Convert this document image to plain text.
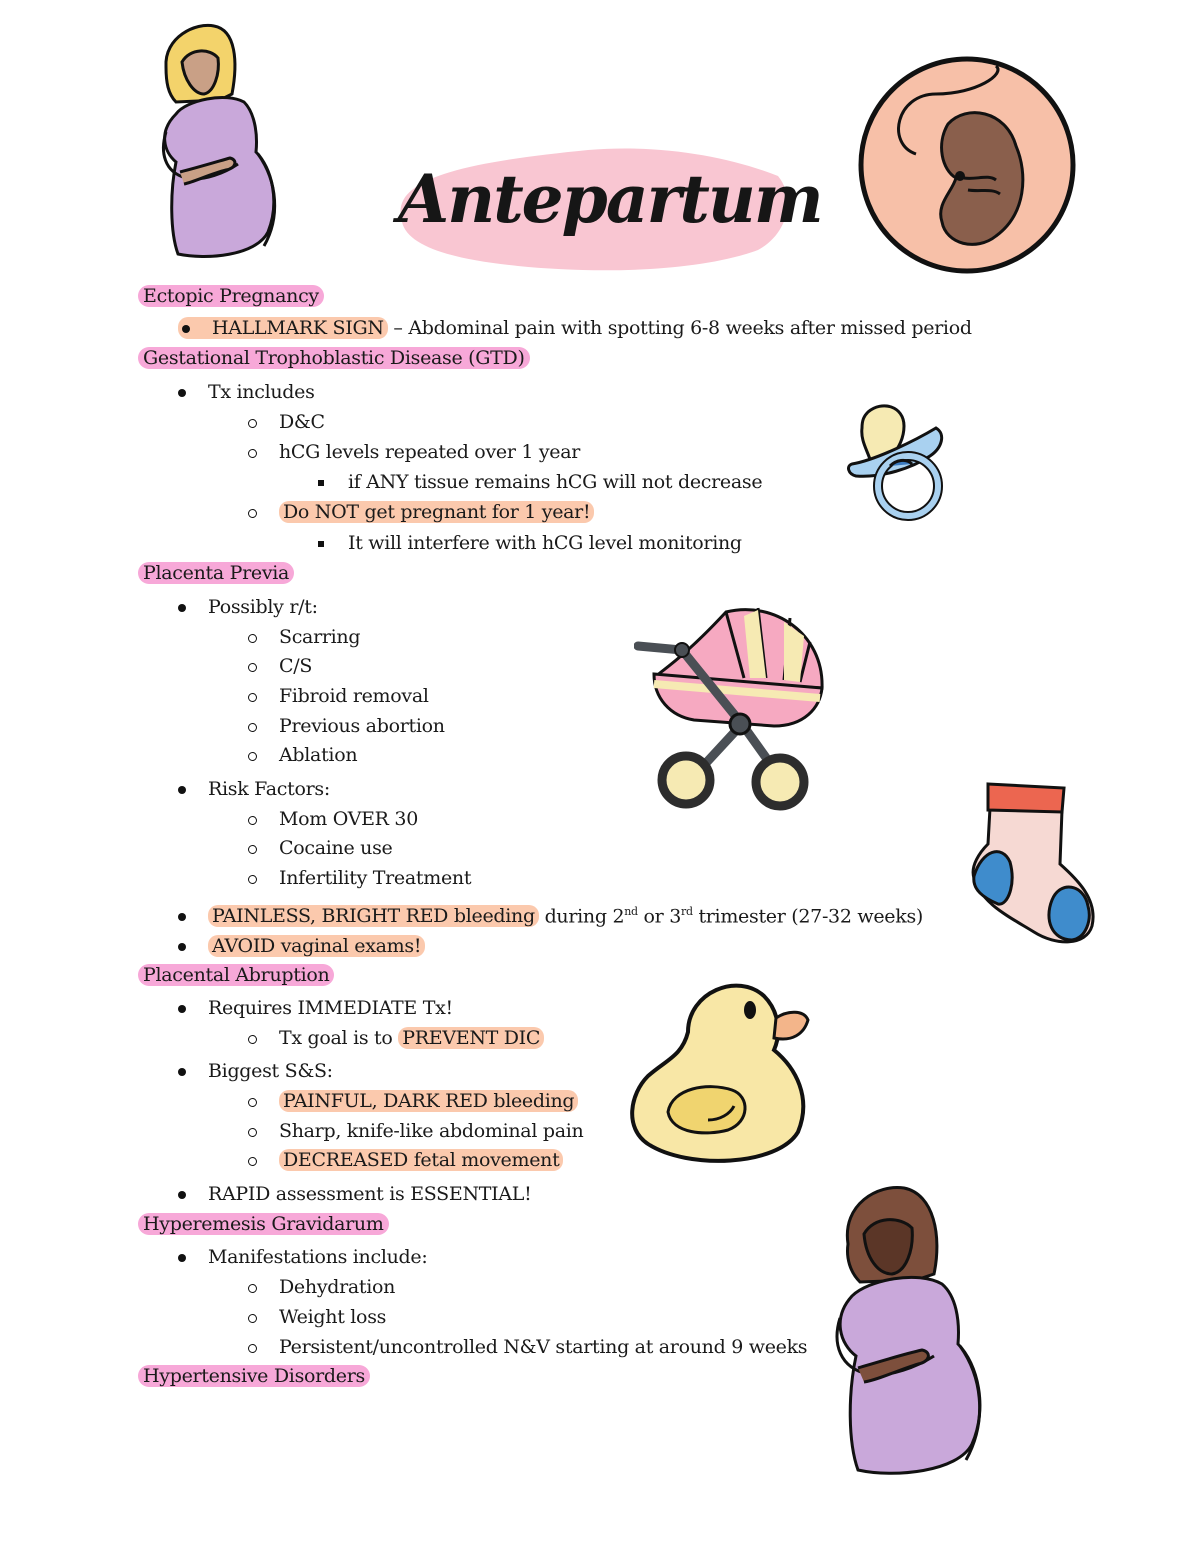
Antepartum
Ectopic Pregnancy
HALLMARK SIGN – Abdominal pain with spotting 6-8 weeks after missed period
Gestational Trophoblastic Disease (GTD)
Tx includes
D&C
hCG levels repeated over 1 year
if ANY tissue remains hCG will not decrease
Do NOT get pregnant for 1 year!
It will interfere with hCG level monitoring
Placenta Previa
Possibly r/t:
Scarring
C/S
Fibroid removal
Previous abortion
Ablation
Risk Factors:
Mom OVER 30
Cocaine use
Infertility Treatment
PAINLESS, BRIGHT RED bleeding during 2nd or 3rd trimester (27-32 weeks)
AVOID vaginal exams!
Placental Abruption
Requires IMMEDIATE Tx!
Tx goal is to PREVENT DIC
Biggest S&S:
PAINFUL, DARK RED bleeding
Sharp, knife-like abdominal pain
DECREASED fetal movement
RAPID assessment is ESSENTIAL!
Hyperemesis Gravidarum
Manifestations include:
Dehydration
Weight loss
Persistent/uncontrolled N&V starting at around 9 weeks
Hypertensive Disorders
